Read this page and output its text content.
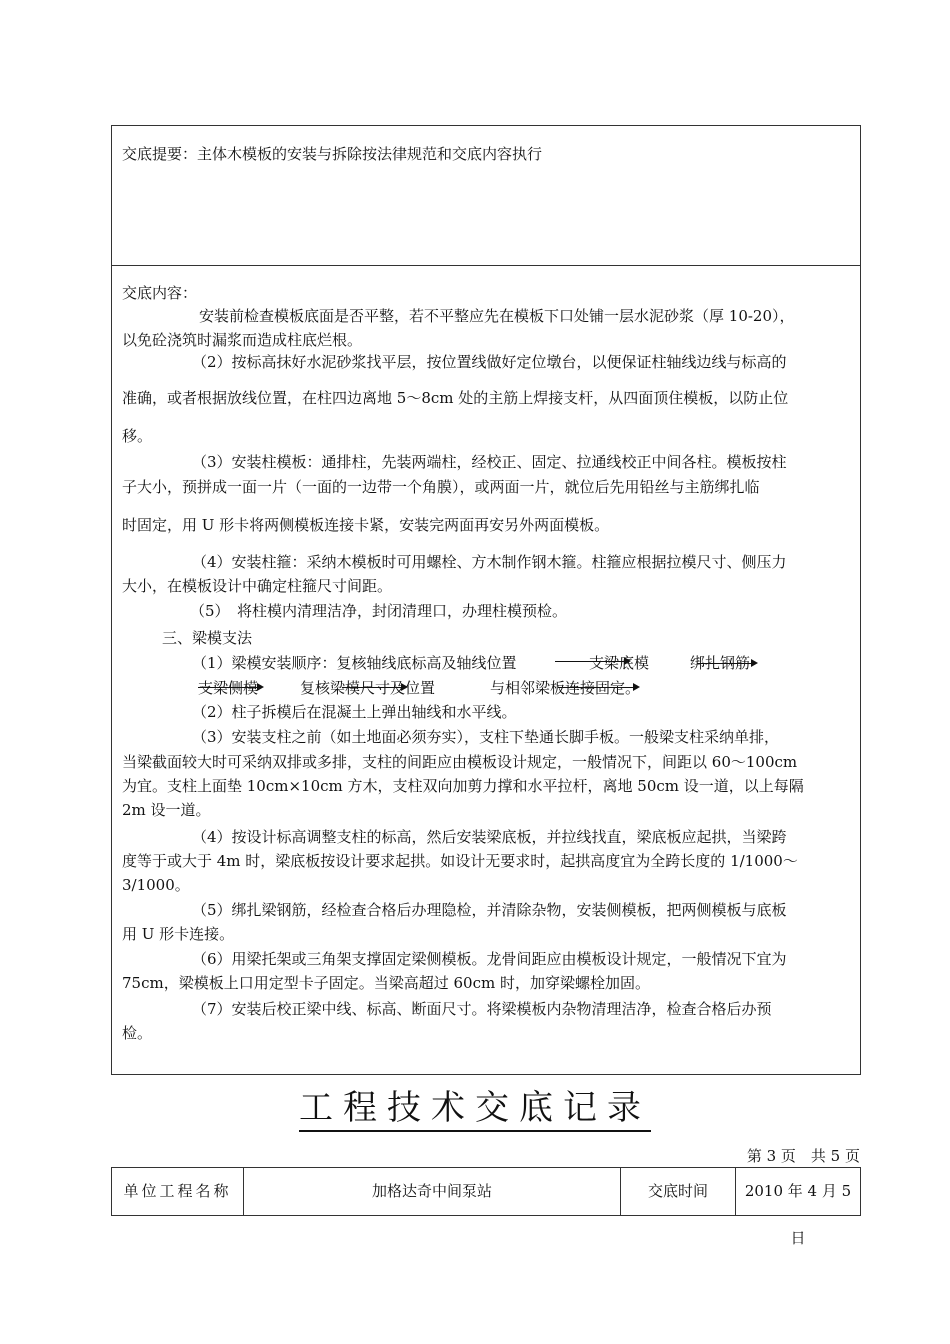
交底提要：主体木模板的安装与拆除按法律规范和交底内容执行
交底内容：
安装前检查模板底面是否平整，若不平整应先在模板下口处铺一层水泥砂浆（厚 10-20），
以免砼浇筑时漏浆而造成柱底烂根。
（2）按标高抹好水泥砂浆找平层，按位置线做好定位墩台，以便保证柱轴线边线与标高的
准确，或者根据放线位置，在柱四边离地 5～8cm 处的主筋上焊接支杆，从四面顶住模板，以防止位
移。
（3）安装柱模板：通排柱，先装两端柱，经校正、固定、拉通线校正中间各柱。模板按柱
子大小，预拼成一面一片（一面的一边带一个角膜），或两面一片，就位后先用铅丝与主筋绑扎临
时固定，用 U 形卡将两侧模板连接卡紧，安装完两面再安另外两面模板。
（4）安装柱箍：采纳木模板时可用螺栓、方木制作钢木箍。柱箍应根据拉模尺寸、侧压力
大小，在模板设计中确定柱箍尺寸间距。
（5）　将柱模内清理洁净，封闭清理口，办理柱模预检。
三、梁模支法
（1）梁模安装顺序：复核轴线底标高及轴线位置	支梁底模	绑扎钢筋
支梁侧模	复核梁模尺寸及位置	与相邻梁板连接固定。
（2）柱子拆模后在混凝土上弹出轴线和水平线。
（3）安装支柱之前（如土地面必须夯实），支柱下垫通长脚手板。一般梁支柱采纳单排，
当梁截面较大时可采纳双排或多排，支柱的间距应由模板设计规定，一般情况下，间距以 60～100cm
为宜。支柱上面垫 10cm×10cm 方木，支柱双向加剪力撑和水平拉杆，离地 50cm 设一道，以上每隔
2m 设一道。
（4）按设计标高调整支柱的标高，然后安装梁底板，并拉线找直，梁底板应起拱，当梁跨
度等于或大于 4m 时，梁底板按设计要求起拱。如设计无要求时，起拱高度宜为全跨长度的 1/1000～
3/1000。
（5）绑扎梁钢筋，经检查合格后办理隐检，并清除杂物，安装侧模板，把两侧模板与底板
用 U 形卡连接。
（6）用梁托架或三角架支撑固定梁侧模板。龙骨间距应由模板设计规定，一般情况下宜为
75cm，梁模板上口用定型卡子固定。当梁高超过 60cm 时，加穿梁螺栓加固。
（7）安装后校正梁中线、标高、断面尺寸。将梁模板内杂物清理洁净，检查合格后办预
检。
工程技术交底记录
第 3 页　共 5 页
单位工程名称	加格达奇中间泵站	交底时间	2010 年 4 月 5 日
